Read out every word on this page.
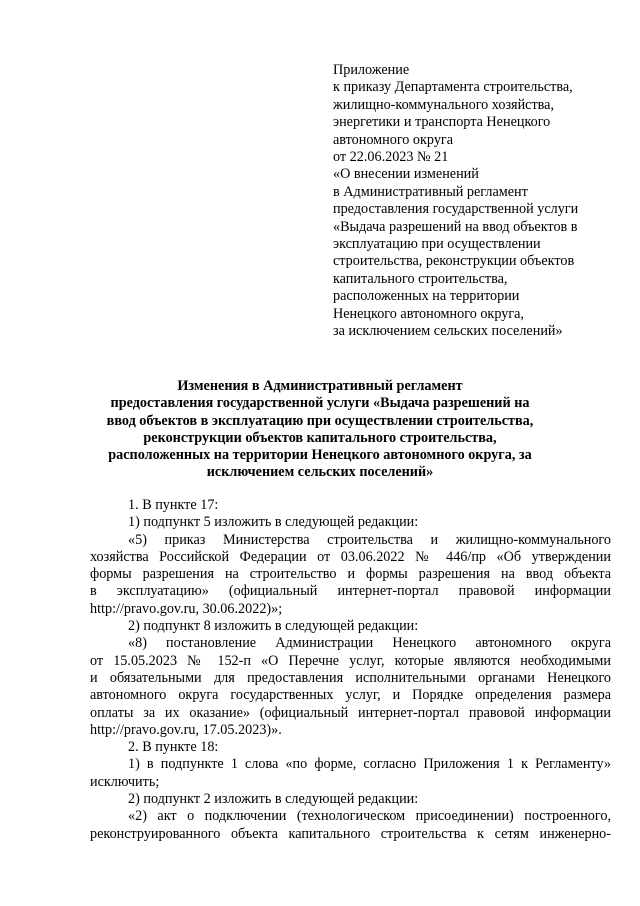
Приложение
к приказу Департамента строительства,
жилищно-коммунального хозяйства,
энергетики и транспорта Ненецкого
автономного округа
от 22.06.2023 № 21
«О внесении изменений
в Административный регламент
предоставления государственной услуги
«Выдача разрешений на ввод объектов в
эксплуатацию при осуществлении
строительства, реконструкции объектов
капитального строительства,
расположенных на территории
Ненецкого автономного округа,
за исключением сельских поселений»
Изменения в Административный регламент
предоставления государственной услуги «Выдача разрешений на
ввод объектов в эксплуатацию при осуществлении строительства,
реконструкции объектов капитального строительства,
расположенных на территории Ненецкого автономного округа, за
исключением сельских поселений»
1. В пункте 17:
1) подпункт 5 изложить в следующей редакции:
«5) приказ Министерства строительства и жилищно-коммунального
хозяйства Российской Федерации от 03.06.2022 № 446/пр «Об утверждении
формы разрешения на строительство и формы разрешения на ввод объекта
в эксплуатацию» (официальный интернет-портал правовой информации
http://pravo.gov.ru, 30.06.2022)»;
2) подпункт 8 изложить в следующей редакции:
«8) постановление Администрации Ненецкого автономного округа
от 15.05.2023 № 152-п «О Перечне услуг, которые являются необходимыми
и обязательными для предоставления исполнительными органами Ненецкого
автономного округа государственных услуг, и Порядке определения размера
оплаты за их оказание» (официальный интернет-портал правовой информации
http://pravo.gov.ru, 17.05.2023)».
2. В пункте 18:
1) в подпункте 1 слова «по форме, согласно Приложения 1 к Регламенту»
исключить;
2) подпункт 2 изложить в следующей редакции:
«2) акт о подключении (технологическом присоединении) построенного,
реконструированного объекта капитального строительства к сетям инженерно-
